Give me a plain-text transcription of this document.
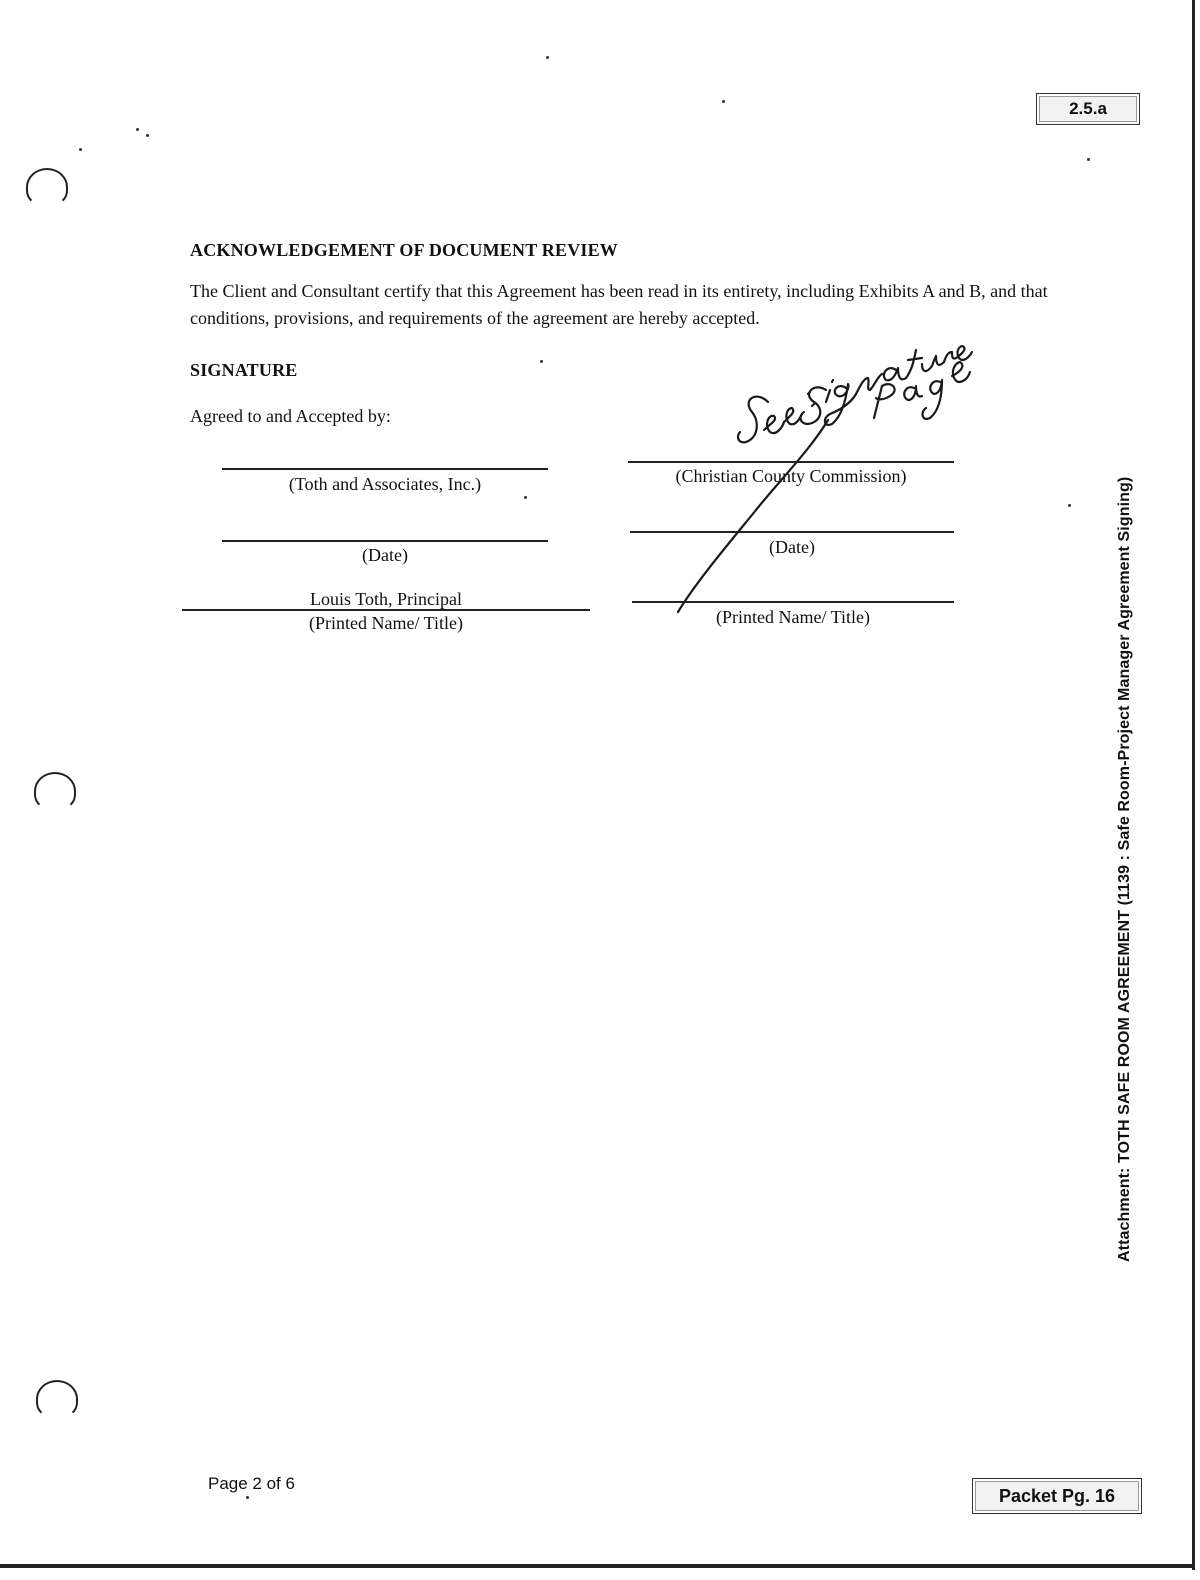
2.5.a
ACKNOWLEDGEMENT OF DOCUMENT REVIEW
The Client and Consultant certify that this Agreement has been read in its entirety, including Exhibits A and B, and that conditions, provisions, and requirements of the agreement are hereby accepted.
SIGNATURE
Agreed to and Accepted by:
(Toth and Associates, Inc.)
(Date)
Louis Toth, Principal
(Printed Name/ Title)
(Christian County Commission)
(Date)
(Printed Name/ Title)	Attachment: TOTH SAFE ROOM AGREEMENT (1139 : Safe Room-Project Manager Agreement Signing)
Page 2 of 6
Packet Pg. 16
